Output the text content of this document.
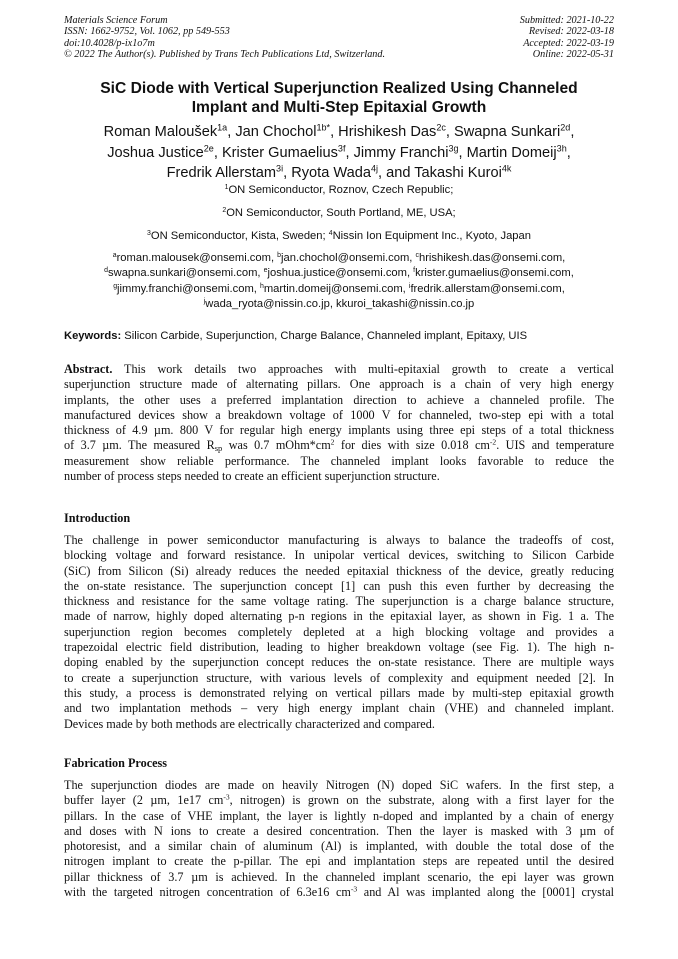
Materials Science Forum
ISSN: 1662-9752, Vol. 1062, pp 549-553
doi:10.4028/p-ix1o7m
© 2022 The Author(s). Published by Trans Tech Publications Ltd, Switzerland.
Submitted: 2021-10-22
Revised: 2022-03-18
Accepted: 2022-03-19
Online: 2022-05-31
SiC Diode with Vertical Superjunction Realized Using Channeled
Implant and Multi-Step Epitaxial Growth
Roman Maloušek$^{1a}$, Jan Chochol$^{1b*}$, Hrishikesh Das$^{2c}$, Swapna Sunkari$^{2d}$,
Joshua Justice$^{2e}$, Krister Gumaelius$^{3f}$, Jimmy Franchi$^{3g}$, Martin Domeij$^{3h}$,
Fredrik Allerstam$^{3i}$, Ryota Wada$^{4j}$, and Takashi Kuroi$^{4k}$
$^1$ON Semiconductor, Roznov, Czech Republic;
$^2$ON Semiconductor, South Portland, ME, USA;
$^3$ON Semiconductor, Kista, Sweden; $^4$Nissin Ion Equipment Inc., Kyoto, Japan
$^a$roman.malousek@onsemi.com, $^b$jan.chochol@onsemi.com, $^c$hrishikesh.das@onsemi.com,
$^d$swapna.sunkari@onsemi.com, $^e$joshua.justice@onsemi.com, $^f$krister.gumaelius@onsemi.com,
$^g$jimmy.franchi@onsemi.com, $^h$martin.domeij@onsemi.com, $^i$fredrik.allerstam@onsemi.com,
$^j$wada_ryota@nissin.co.jp, kkuroi_takashi@nissin.co.jp
Keywords: Silicon Carbide, Superjunction, Charge Balance, Channeled implant, Epitaxy, UIS
Abstract. This work details two approaches with multi-epitaxial growth to create a vertical
superjunction structure made of alternating pillars. One approach is a chain of very high energy
implants, the other uses a preferred implantation direction to achieve a channeled profile. The
manufactured devices show a breakdown voltage of 1000 V for channeled, two-step epi with a total
thickness of 4.9 µm. 800 V for regular high energy implants using three epi steps of a total thickness
of 3.7 µm. The measured $R_{sp}$ was 0.7 $mOhm*cm^2$ for dies with size 0.018 $cm^{-2}$. UIS and temperature
measurement show reliable performance. The channeled implant looks favorable to reduce the
number of process steps needed to create an efficient superjunction structure.
Introduction
The challenge in power semiconductor manufacturing is always to balance the tradeoffs of cost,
blocking voltage and forward resistance. In unipolar vertical devices, switching to Silicon Carbide
(SiC) from Silicon (Si) already reduces the needed epitaxial thickness of the device, greatly reducing
the on-state resistance. The superjunction concept [1] can push this even further by decreasing the
thickness and resistance for the same voltage rating. The superjunction is a charge balance structure,
made of narrow, highly doped alternating p-n regions in the epitaxial layer, as shown in Fig. 1 a. The
superjunction region becomes completely depleted at a high blocking voltage and provides a
trapezoidal electric field distribution, leading to higher breakdown voltage (see Fig. 1). The high n-
doping enabled by the superjunction concept reduces the on-state resistance. There are multiple ways
to create a superjunction structure, with various levels of complexity and equipment needed [2]. In
this study, a process is demonstrated relying on vertical pillars made by multi-step epitaxial growth
and two implantation methods – very high energy implant chain (VHE) and channeled implant.
Devices made by both methods are electrically characterized and compared.
Fabrication Process
The superjunction diodes are made on heavily Nitrogen (N) doped SiC wafers. In the first step, a
buffer layer (2 µm, 1e17 $cm^{-3}$, nitrogen) is grown on the substrate, along with a first layer for the
pillars. In the case of VHE implant, the layer is lightly n-doped and implanted by a chain of energy
and doses with N ions to create a desired concentration. Then the layer is masked with 3 µm of
photoresist, and a similar chain of aluminum (Al) is implanted, with double the total dose of the
nitrogen implant to create the p-pillar. The epi and implantation steps are repeated until the desired
pillar thickness of 3.7 µm is achieved. In the channeled implant scenario, the epi layer was grown
with the targeted nitrogen concentration of 6.3e16 $cm^{-3}$ and Al was implanted along the [0001] crystal
